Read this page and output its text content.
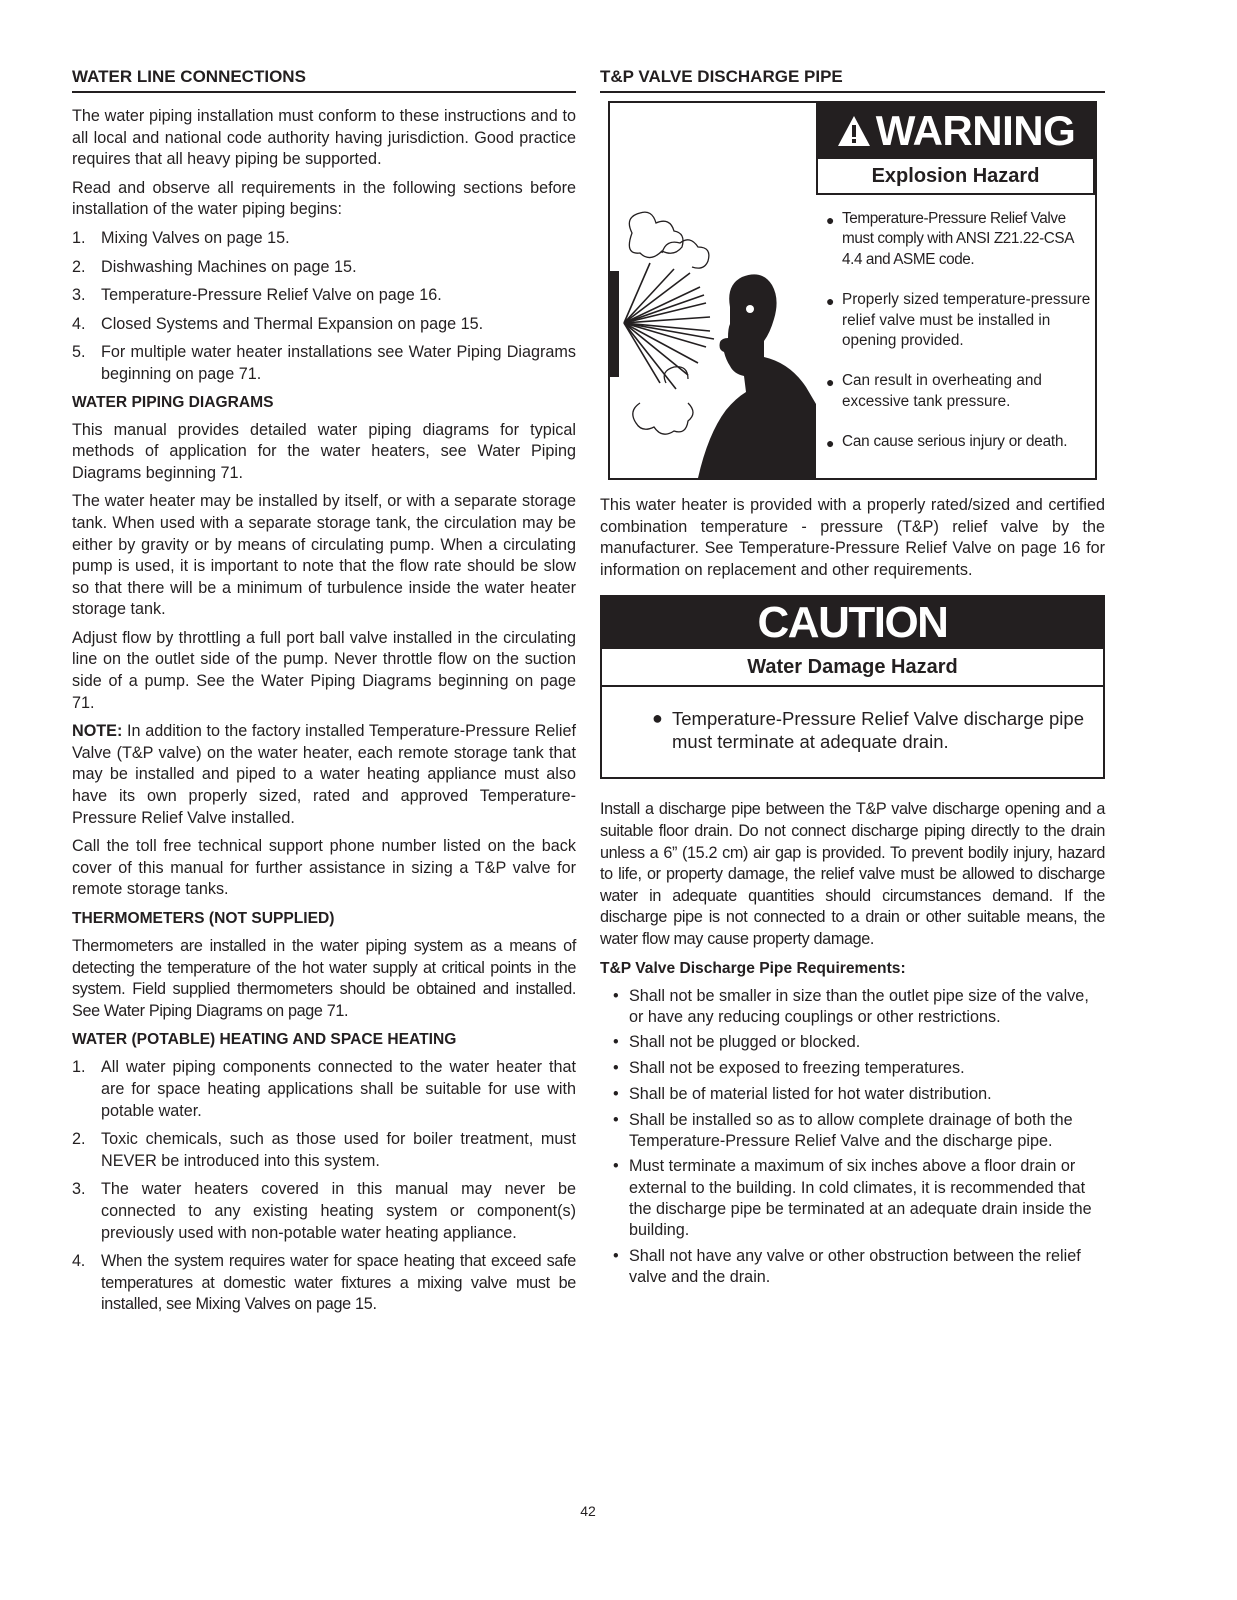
WATER LINE CONNECTIONS

The water piping installation must conform to these instructions and to all local and national code authority having jurisdiction. Good practice requires that all heavy piping be supported.

Read and observe all requirements in the following sections before installation of the water piping begins:

1. Mixing Valves on page 15.
2. Dishwashing Machines on page 15.
3. Temperature-Pressure Relief Valve on page 16.
4. Closed Systems and Thermal Expansion on page 15.
5. For multiple water heater installations see Water Piping Diagrams beginning on page 71.
WATER PIPING DIAGRAMS

This manual provides detailed water piping diagrams for typical methods of application for the water heaters, see Water Piping Diagrams beginning 71.

The water heater may be installed by itself, or with a separate storage tank. When used with a separate storage tank, the circulation may be either by gravity or by means of circulating pump. When a circulating pump is used, it is important to note that the flow rate should be slow so that there will be a minimum of turbulence inside the water heater storage tank.

Adjust flow by throttling a full port ball valve installed in the circulating line on the outlet side of the pump. Never throttle flow on the suction side of a pump. See the Water Piping Diagrams beginning on page 71.

NOTE: In addition to the factory installed Temperature-Pressure Relief Valve (T&P valve) on the water heater, each remote storage tank that may be installed and piped to a water heating appliance must also have its own properly sized, rated and approved Temperature-Pressure Relief Valve installed.

Call the toll free technical support phone number listed on the back cover of this manual for further assistance in sizing a T&P valve for remote storage tanks.

THERMOMETERS (NOT SUPPLIED)

Thermometers are installed in the water piping system as a means of detecting the temperature of the hot water supply at critical points in the system. Field supplied thermometers should be obtained and installed. See Water Piping Diagrams on page 71.

WATER (POTABLE) HEATING AND SPACE HEATING
1. All water piping components connected to the water heater that are for space heating applications shall be suitable for use with potable water.
2. Toxic chemicals, such as those used for boiler treatment, must NEVER be introduced into this system.
3. The water heaters covered in this manual may never be connected to any existing heating system or component(s) previously used with non-potable water heating appliance.
4. When the system requires water for space heating that exceed safe temperatures at domestic water fixtures a mixing valve must be installed, see Mixing Valves on page 15.
T&P VALVE DISCHARGE PIPE
WARNING
Explosion Hazard
● Temperature-Pressure Relief Valve must comply with ANSI Z21.22-CSA 4.4 and ASME code.
● Properly sized temperature-pressure relief valve must be installed in opening provided.
● Can result in overheating and excessive tank pressure.
● Can cause serious injury or death.

This water heater is provided with a properly rated/sized and certified combination temperature - pressure (T&P) relief valve by the manufacturer. See Temperature-Pressure Relief Valve on page 16 for information on replacement and other requirements.

CAUTION
Water Damage Hazard
● Temperature-Pressure Relief Valve discharge pipe must terminate at adequate drain.

Install a discharge pipe between the T&P valve discharge opening and a suitable floor drain. Do not connect discharge piping directly to the drain unless a 6” (15.2 cm) air gap is provided. To prevent bodily injury, hazard to life, or property damage, the relief valve must be allowed to discharge water in adequate quantities should circumstances demand. If the discharge pipe is not connected to a drain or other suitable means, the water flow may cause property damage.

T&P Valve Discharge Pipe Requirements:
• Shall not be smaller in size than the outlet pipe size of the valve, or have any reducing couplings or other restrictions.
• Shall not be plugged or blocked.
• Shall not be exposed to freezing temperatures.
• Shall be of material listed for hot water distribution.
• Shall be installed so as to allow complete drainage of both the Temperature-Pressure Relief Valve and the discharge pipe.
• Must terminate a maximum of six inches above a floor drain or external to the building. In cold climates, it is recommended that the discharge pipe be terminated at an adequate drain inside the building.
• Shall not have any valve or other obstruction between the relief valve and the drain.
42
